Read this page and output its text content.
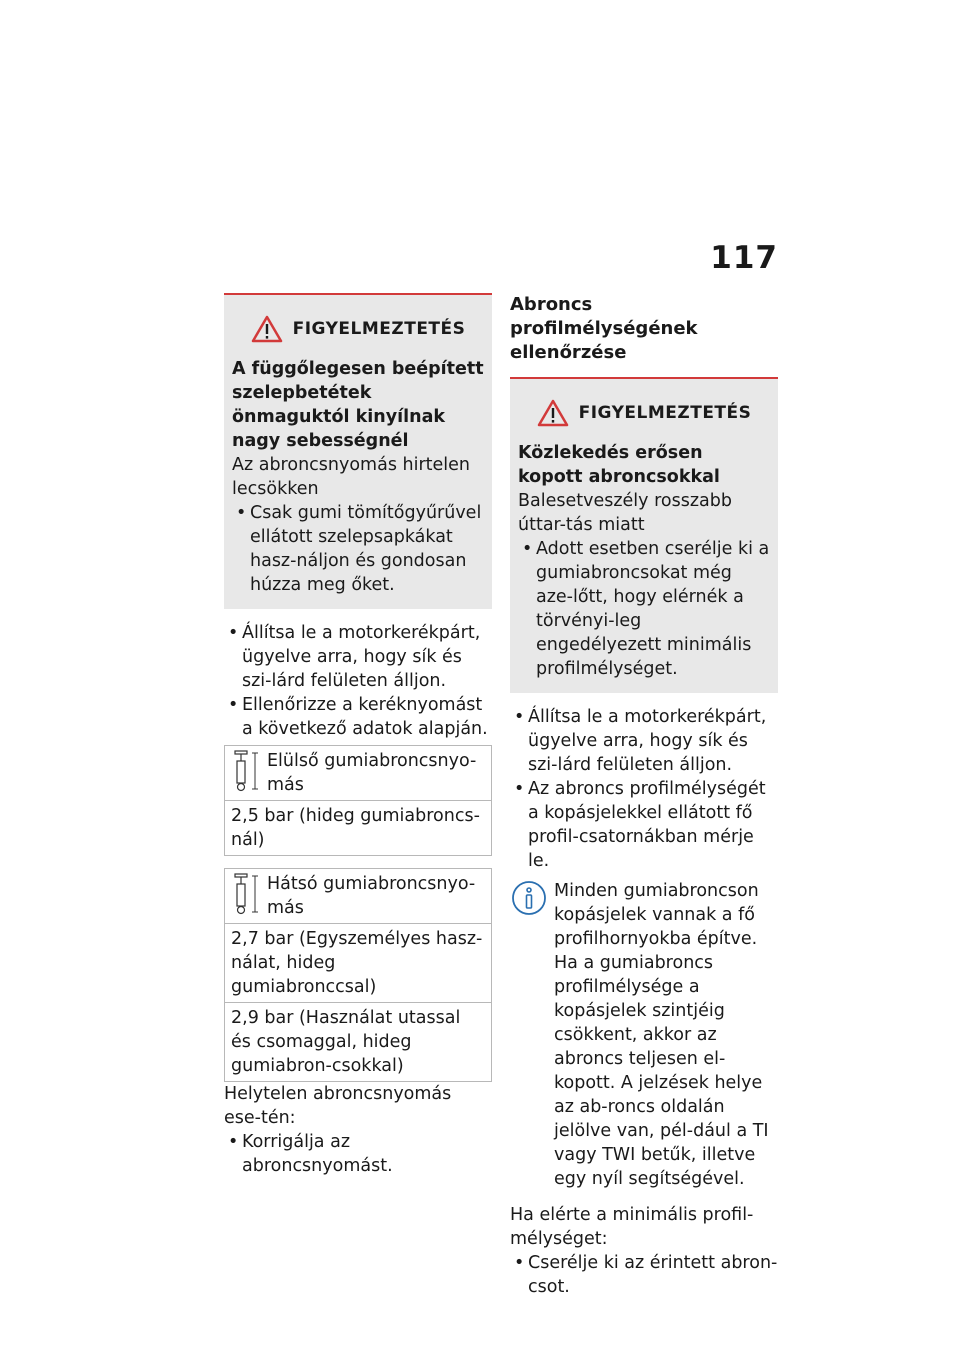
117
FIGYELMEZTETÉS

A függőlegesen beépített szelepbetétek önmaguktól kinyílnak nagy sebességnél

Az abroncsnyomás hirtelen lecsökken

• Csak gumi tömítőgyűrűvel ellátott szelepsapkákat hasz-náljon és gondosan húzza meg őket.
• Állítsa le a motorkerékpárt, ügyelve arra, hogy sík és szi-lárd felületen álljon.
• Ellenőrizze a keréknyomást a következő adatok alapján.
Elülső gumiabroncsnyo-más

2,5 bar (hideg gumiabroncs-nál)
Hátsó gumiabroncsnyo-más

2,7 bar (Egyszemélyes hasz-nálat, hideg gumiabronccsal)
2,9 bar (Használat utassal és csomaggal, hideg gumiabron-csokkal)

Helytelen abroncsnyomás ese-tén:

• Korrigálja az abroncsnyomást.

Abroncs profilmélységének ellenőrzése

FIGYELMEZTETÉS

Közlekedés erősen kopott abroncsokkal

Balesetveszély rosszabb úttar-tás miatt

• Adott esetben cserélje ki a gumiabroncsokat még aze-lőtt, hogy elérnék a törvényi-leg engedélyezett minimális profilmélységet.
• Állítsa le a motorkerékpárt, ügyelve arra, hogy sík és szi-lárd felületen álljon.
• Az abroncs profilmélységét a kopásjelekkel ellátott fő profil-csatornákban mérje le.

Minden gumiabroncson kopásjelek vannak a fő profilhornyokba építve. Ha a gumiabroncs profilmélysége a kopásjelek szintjéig csökkent, akkor az abroncs teljesen el-kopott. A jelzések helye az ab-roncs oldalán jelölve van, pél-dául a TI vagy TWI betűk, illetve egy nyíl segítségével.

Ha elérte a minimális profil-mélységet:

• Cserélje ki az érintett abron-csot.
